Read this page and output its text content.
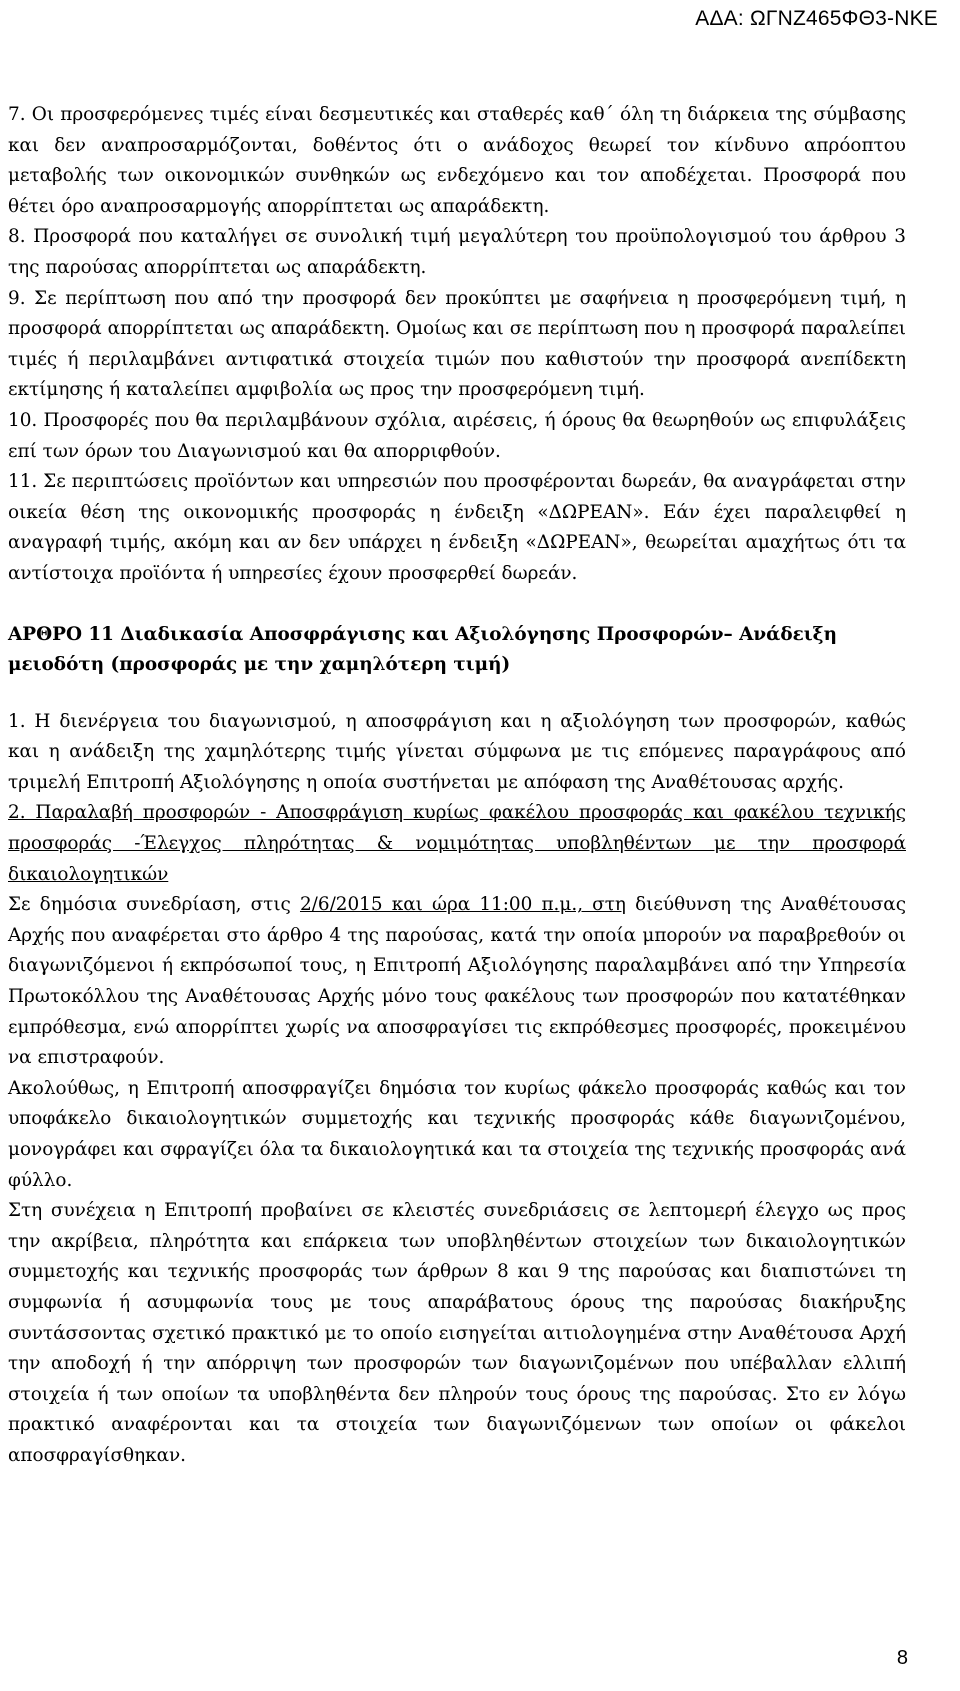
ΑΔΑ: ΩΓΝΖ465ΦΘ3-ΝΚΕ

7. Οι προσφερόμενες τιμές είναι δεσμευτικές και σταθερές καθ΄ όλη τη διάρκεια της σύμβασης και δεν αναπροσαρμόζονται, δοθέντος ότι ο ανάδοχος θεωρεί τον κίνδυνο απρόοπτου μεταβολής των οικονομικών συνθηκών ως ενδεχόμενο και τον αποδέχεται. Προσφορά που θέτει όρο αναπροσαρμογής απορρίπτεται ως απαράδεκτη.

8. Προσφορά που καταλήγει σε συνολική τιμή μεγαλύτερη του προϋπολογισμού του άρθρου 3 της παρούσας απορρίπτεται ως απαράδεκτη.

9. Σε περίπτωση που από την προσφορά δεν προκύπτει με σαφήνεια η προσφερόμενη τιμή, η προσφορά απορρίπτεται ως απαράδεκτη. Ομοίως και σε περίπτωση που η προσφορά παραλείπει τιμές ή περιλαμβάνει αντιφατικά στοιχεία τιμών που καθιστούν την προσφορά ανεπίδεκτη εκτίμησης ή καταλείπει αμφιβολία ως προς την προσφερόμενη τιμή.

10. Προσφορές που θα περιλαμβάνουν σχόλια, αιρέσεις, ή όρους θα θεωρηθούν ως επιφυλάξεις επί των όρων του Διαγωνισμού και θα απορριφθούν.

11. Σε περιπτώσεις προϊόντων και υπηρεσιών που προσφέρονται δωρεάν, θα αναγράφεται στην οικεία θέση της οικονομικής προσφοράς η ένδειξη «ΔΩΡΕΑΝ». Εάν έχει παραλειφθεί η αναγραφή τιμής, ακόμη και αν δεν υπάρχει η ένδειξη «ΔΩΡΕΑΝ», θεωρείται αμαχήτως ότι τα αντίστοιχα προϊόντα ή υπηρεσίες έχουν προσφερθεί δωρεάν.

ΑΡΘΡΟ 11 Διαδικασία Αποσφράγισης και Αξιολόγησης Προσφορών– Ανάδειξη μειοδότη (προσφοράς με την χαμηλότερη τιμή)

1. Η διενέργεια του διαγωνισμού, η αποσφράγιση και η αξιολόγηση των προσφορών, καθώς και η ανάδειξη της χαμηλότερης τιμής γίνεται σύμφωνα με τις επόμενες παραγράφους από τριμελή Επιτροπή Αξιολόγησης η οποία συστήνεται με απόφαση της Αναθέτουσας αρχής.

2. Παραλαβή προσφορών - Αποσφράγιση κυρίως φακέλου προσφοράς και φακέλου τεχνικής προσφοράς -Έλεγχος πληρότητας & νομιμότητας υποβληθέντων με την προσφορά δικαιολογητικών

Σε δημόσια συνεδρίαση, στις 2/6/2015 και ώρα 11:00 π.μ., στη διεύθυνση της Αναθέτουσας Αρχής που αναφέρεται στο άρθρο 4 της παρούσας, κατά την οποία μπορούν να παραβρεθούν οι διαγωνιζόμενοι ή εκπρόσωποί τους, η Επιτροπή Αξιολόγησης παραλαμβάνει από την Υπηρεσία Πρωτοκόλλου της Αναθέτουσας Αρχής μόνο τους φακέλους των προσφορών που κατατέθηκαν εμπρόθεσμα, ενώ απορρίπτει χωρίς να αποσφραγίσει τις εκπρόθεσμες προσφορές, προκειμένου να επιστραφούν.

Ακολούθως, η Επιτροπή αποσφραγίζει δημόσια τον κυρίως φάκελο προσφοράς καθώς και τον υποφάκελο δικαιολογητικών συμμετοχής και τεχνικής προσφοράς κάθε διαγωνιζομένου, μονογράφει και σφραγίζει όλα τα δικαιολογητικά και τα στοιχεία της τεχνικής προσφοράς ανά φύλλο.

Στη συνέχεια η Επιτροπή προβαίνει σε κλειστές συνεδριάσεις σε λεπτομερή έλεγχο ως προς την ακρίβεια, πληρότητα και επάρκεια των υποβληθέντων στοιχείων των δικαιολογητικών συμμετοχής και τεχνικής προσφοράς των άρθρων 8 και 9 της παρούσας και διαπιστώνει τη συμφωνία ή ασυμφωνία τους με τους απαράβατους όρους της παρούσας διακήρυξης συντάσσοντας σχετικό πρακτικό με το οποίο εισηγείται αιτιολογημένα στην Αναθέτουσα Αρχή την αποδοχή ή την απόρριψη των προσφορών των διαγωνιζομένων που υπέβαλλαν ελλιπή στοιχεία ή των οποίων τα υποβληθέντα δεν πληρούν τους όρους της παρούσας. Στο εν λόγω πρακτικό αναφέρονται και τα στοιχεία των διαγωνιζόμενων των οποίων οι φάκελοι αποσφραγίσθηκαν.

8
